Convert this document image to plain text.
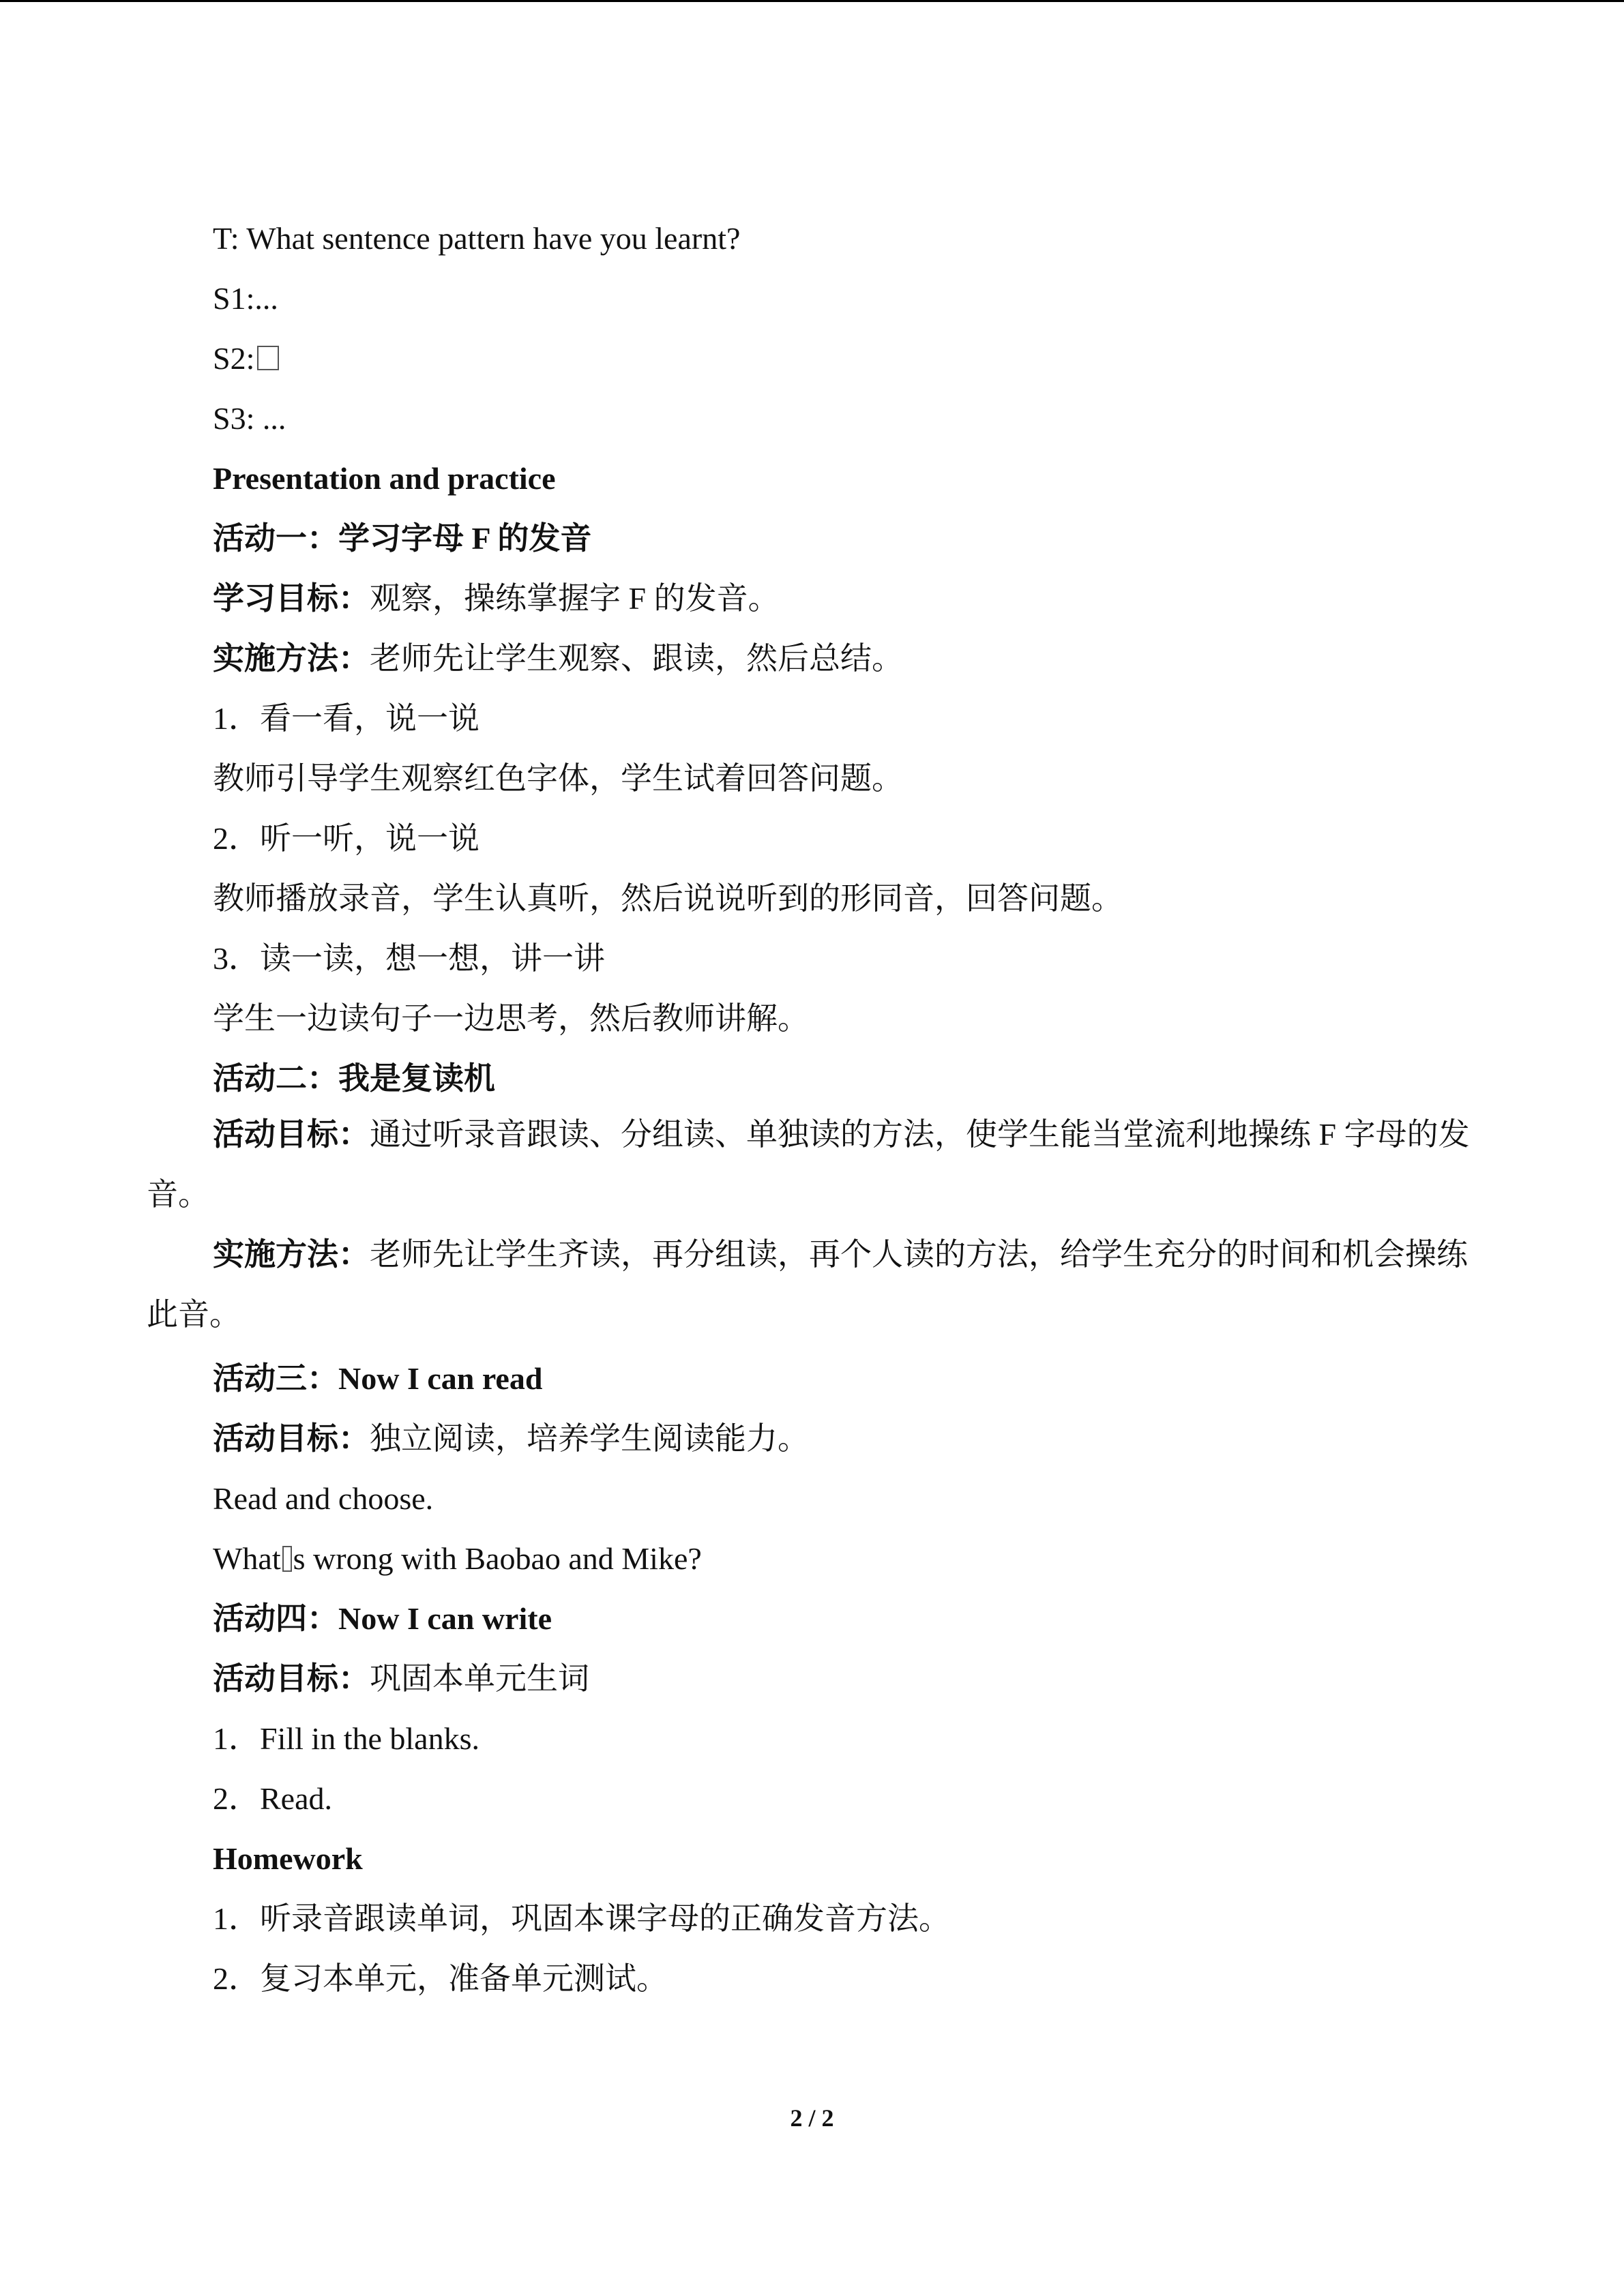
T: What sentence pattern have you learnt?
S1:...
S2:
S3: ...
Presentation and practice
活动一：学习字母 F 的发音
学习目标：观察，操练掌握字 F 的发音。
实施方法：老师先让学生观察、跟读，然后总结。
1．看一看，说一说
教师引导学生观察红色字体，学生试着回答问题。
2．听一听，说一说
教师播放录音，学生认真听，然后说说听到的形同音，回答问题。
3．读一读，想一想，讲一讲
学生一边读句子一边思考，然后教师讲解。
活动二：我是复读机
活动目标：通过听录音跟读、分组读、单独读的方法，使学生能当堂流利地操练 F 字母的发音。
实施方法：老师先让学生齐读，再分组读，再个人读的方法，给学生充分的时间和机会操练此音。
活动三：Now I can read
活动目标：独立阅读，培养学生阅读能力。
Read and choose.
What s wrong with Baobao and Mike?
活动四：Now I can write
活动目标：巩固本单元生词
1．Fill in the blanks.
2．Read.
Homework
1．听录音跟读单词，巩固本课字母的正确发音方法。
2．复习本单元，准备单元测试。
2 / 2
